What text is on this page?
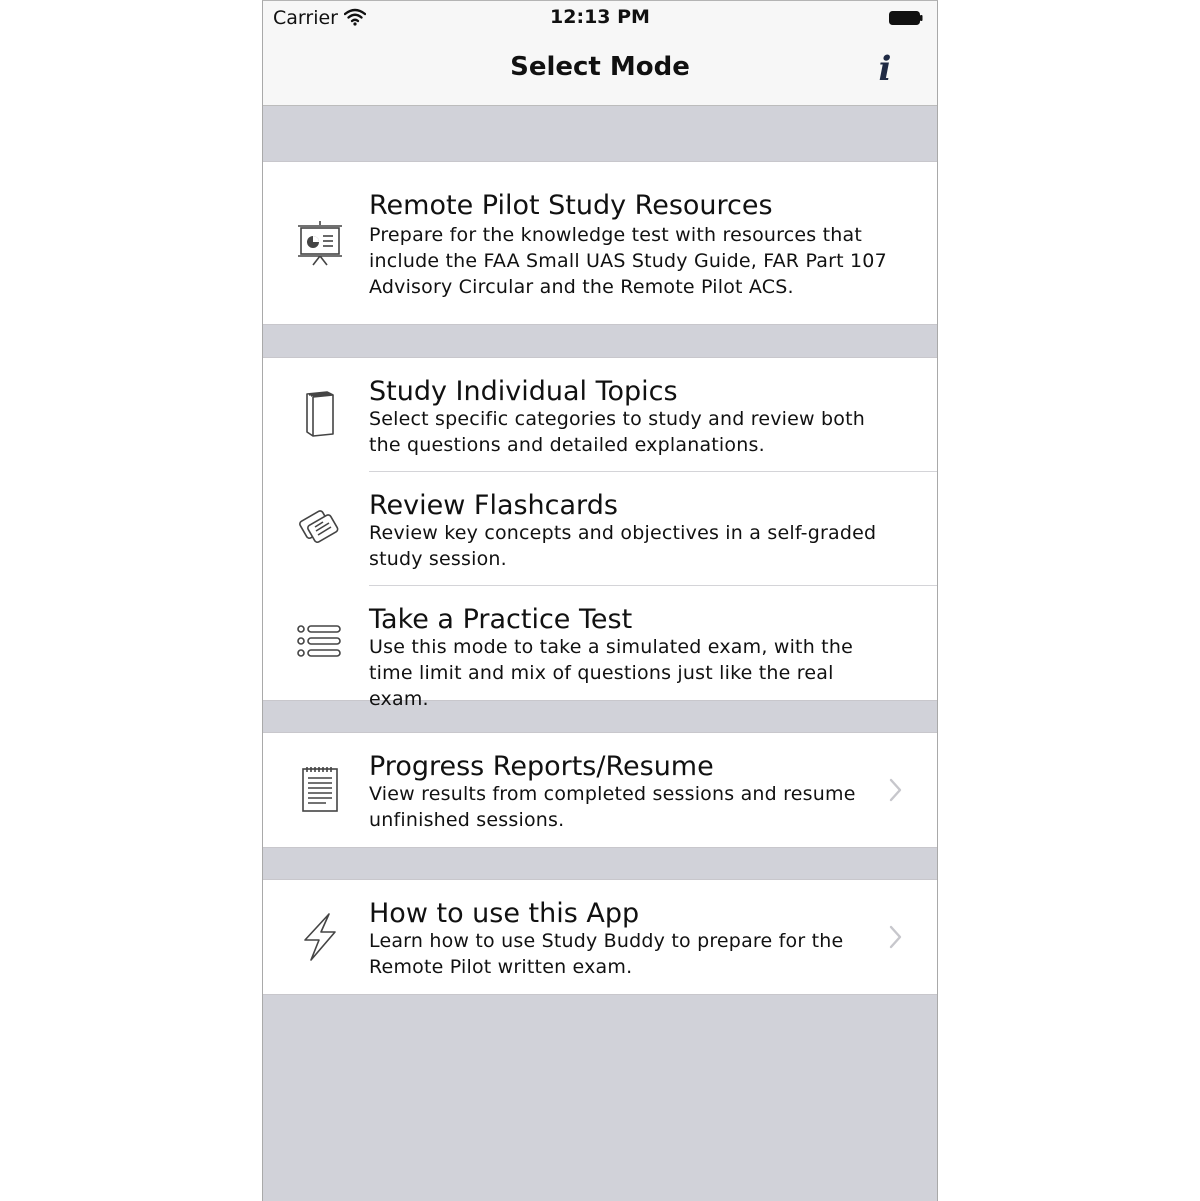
Carrier	12:13 PM
Select Mode	i
Remote Pilot Study Resources
Prepare for the knowledge test with resources that include the FAA Small UAS Study Guide, FAR Part 107 Advisory Circular and the Remote Pilot ACS.
Study Individual Topics
Select specific categories to study and review both the questions and detailed explanations.
Review Flashcards
Review key concepts and objectives in a self-graded study session.
Take a Practice Test
Use this mode to take a simulated exam, with the time limit and mix of questions just like the real exam.
Progress Reports/Resume
View results from completed sessions and resume unfinished sessions.
How to use this App
Learn how to use Study Buddy to prepare for the Remote Pilot written exam.
